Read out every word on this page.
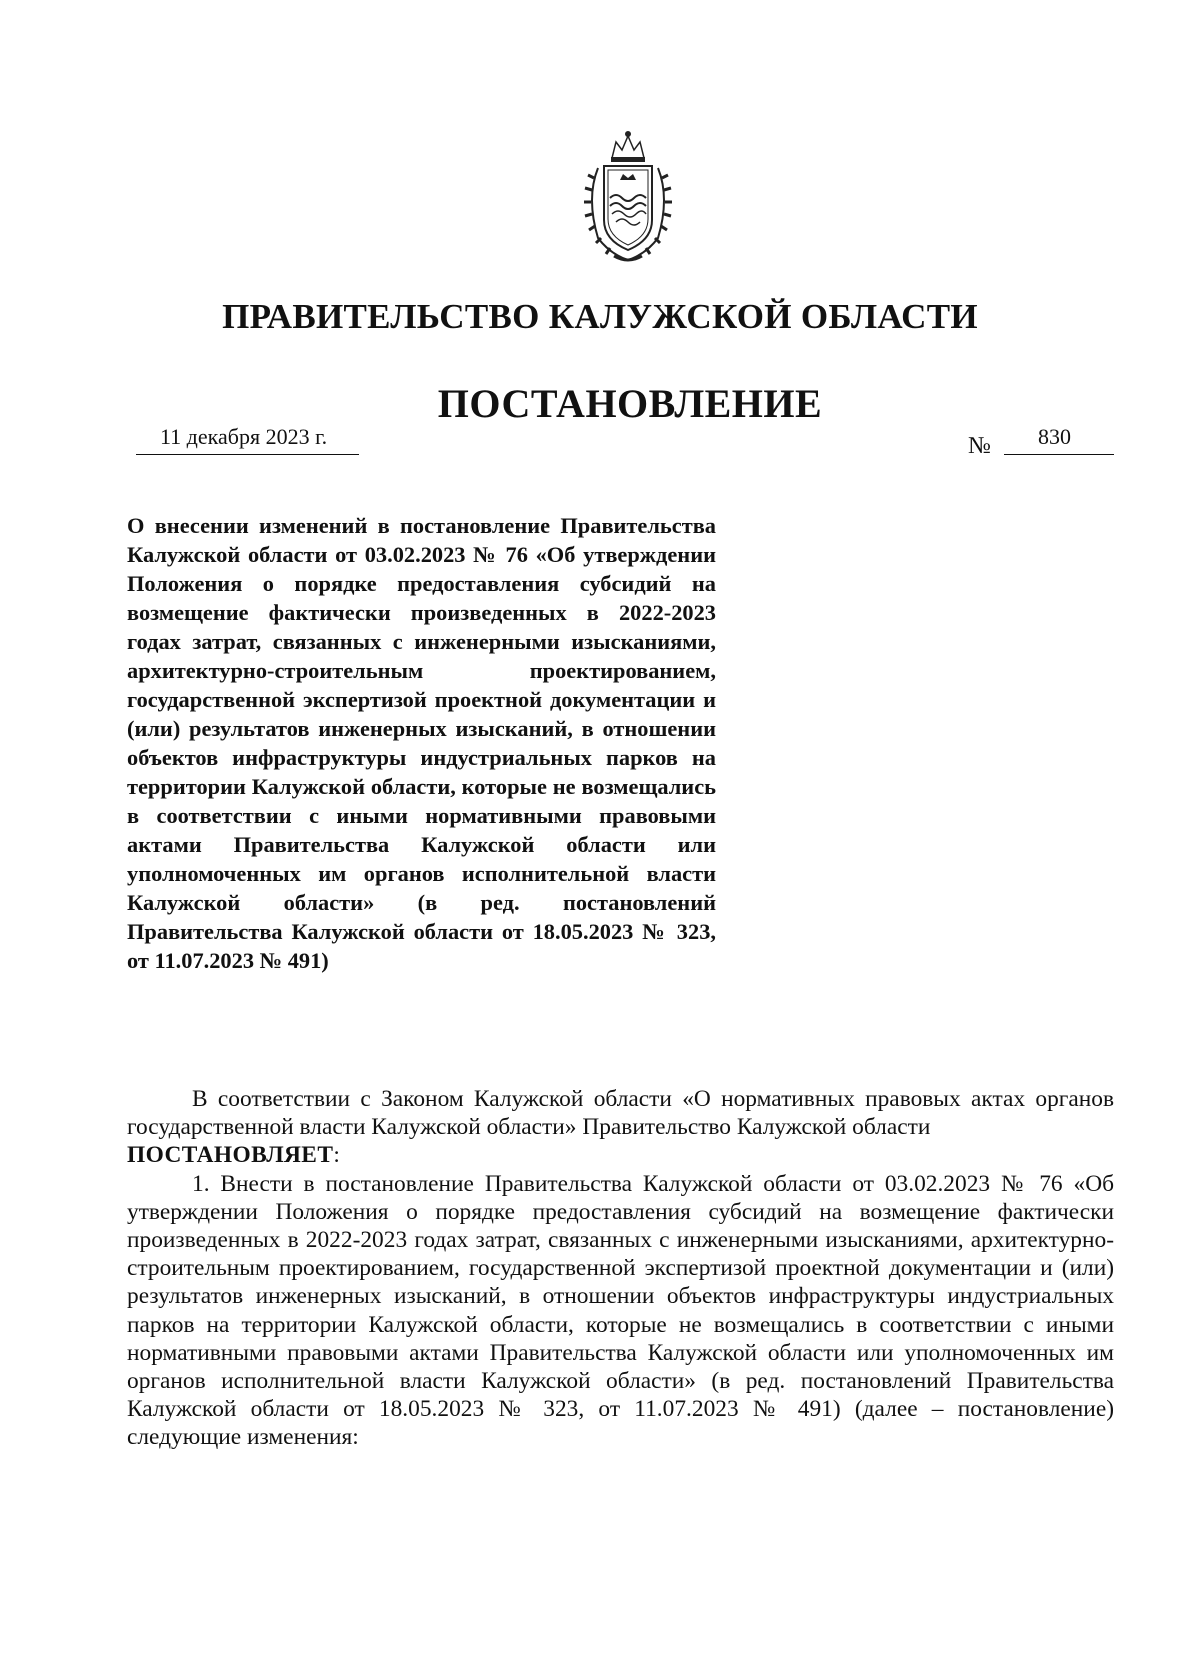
ПРАВИТЕЛЬСТВО КАЛУЖСКОЙ ОБЛАСТИ
ПОСТАНОВЛЕНИЕ
11 декабря 2023 г.	№	830
О внесении изменений в постановление Правительства Калужской области от 03.02.2023 № 76 «Об утверждении Положения о порядке предоставления субсидий на возмещение фактически произведенных в 2022-2023 годах затрат, связанных с инженерными изысканиями, архитектурно-строительным проектированием, государственной экспертизой проектной документации и (или) результатов инженерных изысканий, в отношении объектов инфраструктуры индустриальных парков на территории Калужской области, которые не возмещались в соответствии с иными нормативными правовыми актами Правительства Калужской области или уполномоченных им органов исполнительной власти Калужской области» (в ред. постановлений Правительства Калужской области от 18.05.2023 № 323, от 11.07.2023 № 491)

В соответствии с Законом Калужской области «О нормативных правовых актах органов государственной власти Калужской области» Правительство Калужской области
ПОСТАНОВЛЯЕТ:

1. Внести в постановление Правительства Калужской области от 03.02.2023 № 76 «Об утверждении Положения о порядке предоставления субсидий на возмещение фактически произведенных в 2022-2023 годах затрат, связанных с инженерными изысканиями, архитектурно-строительным проектированием, государственной экспертизой проектной документации и (или) результатов инженерных изысканий, в отношении объектов инфраструктуры индустриальных парков на территории Калужской области, которые не возмещались в соответствии с иными нормативными правовыми актами Правительства Калужской области или уполномоченных им органов исполнительной власти Калужской области» (в ред. постановлений Правительства Калужской области от 18.05.2023 № 323, от 11.07.2023 № 491) (далее – постановление) следующие изменения:
